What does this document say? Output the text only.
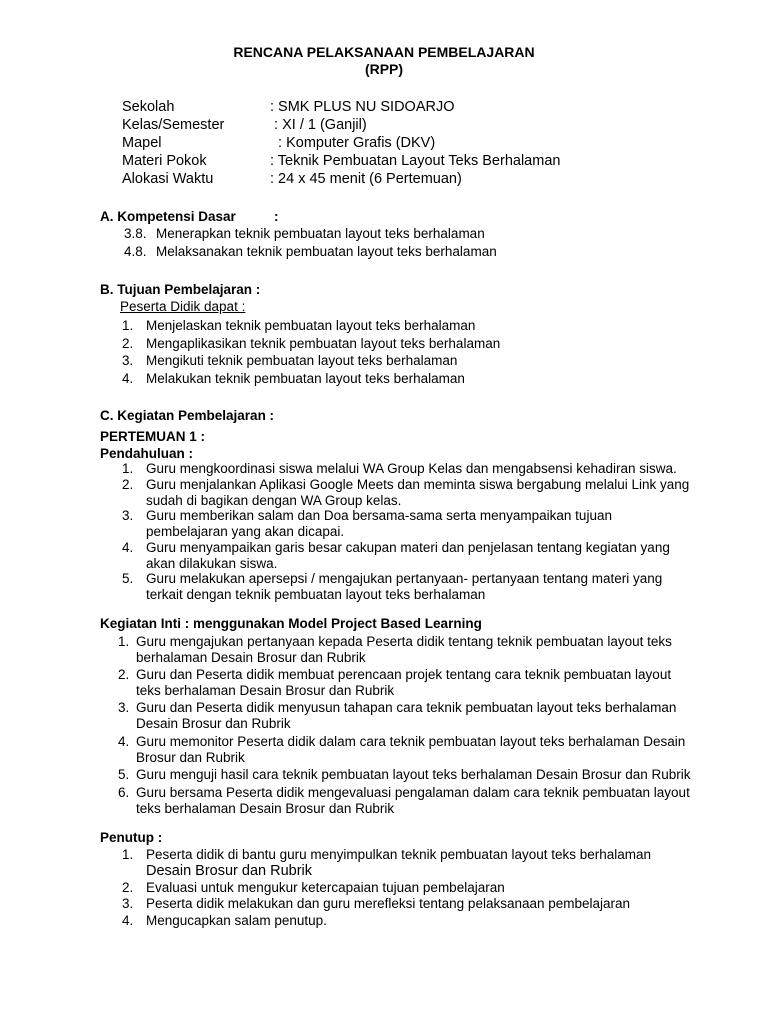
RENCANA PELAKSANAAN PEMBELAJARAN
(RPP)
Sekolah	: SMK PLUS NU SIDOARJO
Kelas/Semester	: XI / 1 (Ganjil)
Mapel	: Komputer Grafis (DKV)
Materi Pokok	: Teknik Pembuatan Layout Teks Berhalaman
Alokasi Waktu	: 24 x 45 menit (6 Pertemuan)
A. Kompetensi Dasar	:
3.8. Menerapkan teknik pembuatan layout teks berhalaman
4.8. Melaksanakan teknik pembuatan layout teks berhalaman
B. Tujuan Pembelajaran :
Peserta Didik dapat :
1. Menjelaskan teknik pembuatan layout teks berhalaman
2. Mengaplikasikan teknik pembuatan layout teks berhalaman
3. Mengikuti teknik pembuatan layout teks berhalaman
4. Melakukan teknik pembuatan layout teks berhalaman
C. Kegiatan Pembelajaran :
PERTEMUAN 1 :
Pendahuluan :
1. Guru mengkoordinasi siswa melalui WA Group Kelas dan mengabsensi kehadiran siswa.
2. Guru menjalankan Aplikasi Google Meets dan meminta siswa bergabung melalui Link yang
sudah di bagikan dengan WA Group kelas.
3. Guru memberikan salam dan Doa bersama-sama serta menyampaikan tujuan
pembelajaran yang akan dicapai.
4. Guru menyampaikan garis besar cakupan materi dan penjelasan tentang kegiatan yang
akan dilakukan siswa.
5. Guru melakukan apersepsi / mengajukan pertanyaan- pertanyaan tentang materi yang
terkait dengan teknik pembuatan layout teks berhalaman
Kegiatan Inti : menggunakan Model Project Based Learning
1. Guru mengajukan pertanyaan kepada Peserta didik tentang teknik pembuatan layout teks
berhalaman Desain Brosur dan Rubrik
2. Guru dan Peserta didik membuat perencaan projek tentang cara teknik pembuatan layout
teks berhalaman Desain Brosur dan Rubrik
3. Guru dan Peserta didik menyusun tahapan cara teknik pembuatan layout teks berhalaman
Desain Brosur dan Rubrik
4. Guru memonitor Peserta didik dalam cara teknik pembuatan layout teks berhalaman Desain
Brosur dan Rubrik
5. Guru menguji hasil cara teknik pembuatan layout teks berhalaman Desain Brosur dan Rubrik
6. Guru bersama Peserta didik mengevaluasi pengalaman dalam cara teknik pembuatan layout
teks berhalaman Desain Brosur dan Rubrik
Penutup :
1. Peserta didik di bantu guru menyimpulkan teknik pembuatan layout teks berhalaman
Desain Brosur dan Rubrik
2. Evaluasi untuk mengukur ketercapaian tujuan pembelajaran
3. Peserta didik melakukan dan guru merefleksi tentang pelaksanaan pembelajaran
4. Mengucapkan salam penutup.
